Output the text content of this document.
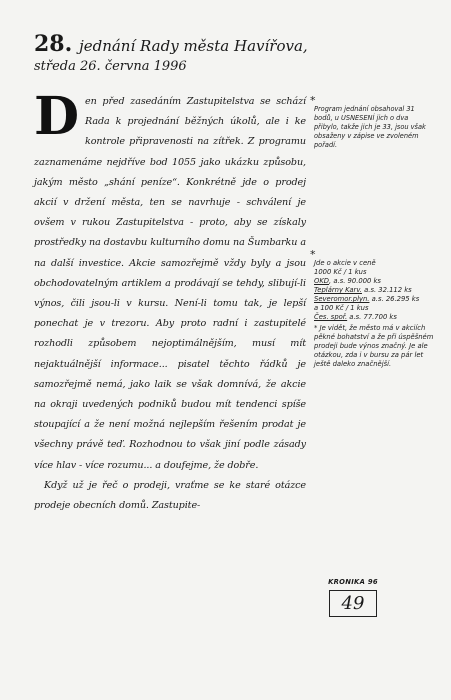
28. jednání Rady města Havířova,
středa 26. června 1996

D en před zasedáním Zastupitelstva se schází Rada k projednání běžných úkolů, ale i ke kontrole připravenosti na zítřek. Z programu zaznamenáme nejdříve bod 1055 jako ukázku způsobu, jakým město „shání peníze“. Konkrétně jde o prodej akcií v držení města, ten se navrhuje - schválení je ovšem v rukou Zastupitelstva - proto, aby se získaly prostředky na dostavbu kulturního domu na Šumbarku a na další investice. Akcie samozřejmě vždy byly a jsou obchodovatelným artiklem a prodávají se tehdy, slibují-li výnos, čili jsou-li v kursu. Není-li tomu tak, je lepší ponechat je v trezoru. Aby proto radní i zastupitelé rozhodli způsobem nejoptimálnějším, musí mít nejaktuálnější informace... pisatel těchto řádků je samozřejmě nemá, jako laik se však domnívá, že akcie na okraji uvedených podniků budou mít tendenci spíše stoupající a že není možná nejlepším řešením prodat je všechny právě teď. Rozhodnou to však jiní podle zásady více hlav - více rozumu... a doufejme, že dobře.

Když už je řeč o prodeji, vraťme se ke staré otázce prodeje obecních domů. Zastupite-

*
Program jednání obsahoval 31 bodů, u USNESENÍ jich o dva přibylo, takže jich je 33, jsou však obsaženy v zápise ve zvoleném pořadí.
*
Jde o akcie v ceně
1000 Kč / 1 kus
OKD, a.s. 90.000 ks
Teplárny Karv. a.s. 32.112 ks
Severomor.plyn. a.s. 26.295 ks
a 100 Kč / 1 kus
Čes. spoř. a.s. 77.700 ks
* Je vidět, že město má v akciích pěkné bohatství a že při úspěšném prodeji bude výnos značný. Je ale otázkou, zda i v bursu za pár let ještě daleko značnější.
KRONIKA 96
49
